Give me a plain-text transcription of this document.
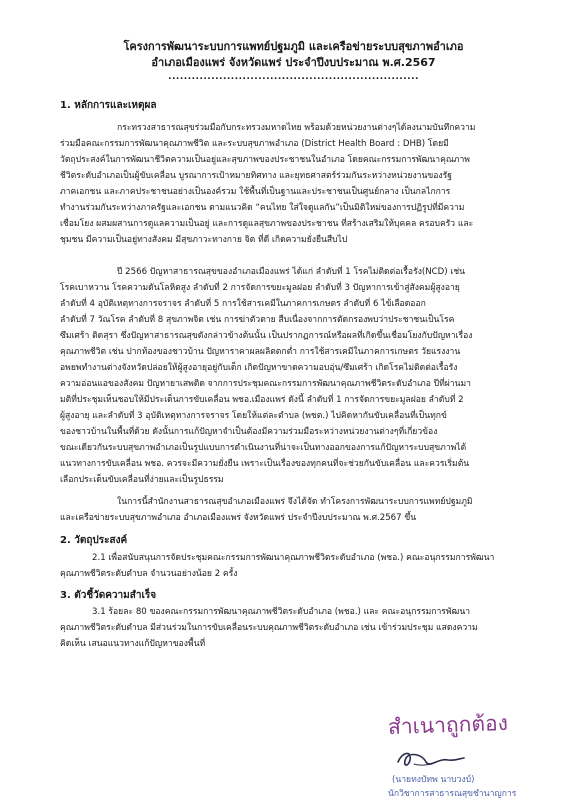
โครงการพัฒนาระบบการแพทย์ปฐมภูมิ และเครือข่ายระบบสุขภาพอำเภอ
อำเภอเมืองแพร่ จังหวัดแพร่ ประจำปีงบประมาณ พ.ศ.2567
................................................................
1. หลักการและเหตุผล
กระทรวงสาธารณสุขร่วมมือกับกระทรวงมหาดไทย พร้อมด้วยหน่วยงานต่างๆได้ลงนามบันทึกความ
ร่วมมือคณะกรรมการพัฒนาคุณภาพชีวิต และระบบสุขภาพอำเภอ (District Health Board : DHB) โดยมี
วัตถุประสงค์ในการพัฒนาชีวิตความเป็นอยู่และสุขภาพของประชาชนในอำเภอ โดยคณะกรรมการพัฒนาคุณภาพ
ชีวิตระดับอำเภอเป็นผู้ขับเคลื่อน บูรณาการเป้าหมายทิศทาง และยุทธศาสตร์ร่วมกันระหว่างหน่วยงานของรัฐ
ภาคเอกชน และภาคประชาชนอย่างเป็นองค์รวม ใช้พื้นที่เป็นฐานและประชาชนเป็นศูนย์กลาง เป็นกลไกการ
ทำงานร่วมกันระหว่างภาครัฐและเอกชน ตามแนวคิด “คนไทย ใส่ใจดูแลกัน”เป็นมิติใหม่ของการปฏิรูปที่มีความ
เชื่อมโยง ผสมผสานการดูแลความเป็นอยู่ และการดูแลสุขภาพของประชาชน ที่สร้างเสริมให้บุคคล ครอบครัว และ
ชุมชน มีความเป็นอยู่ทางสังคม มีสุขภาวะทางกาย จิต ที่ดี เกิดความยั่งยืนสืบไป
ปี 2566 ปัญหาสาธารณสุขของอำเภอเมืองแพร่ ได้แก่ ลำดับที่ 1 โรคไม่ติดต่อเรื้อรัง(NCD) เช่น
โรคเบาหวาน โรคความดันโลหิตสูง ลำดับที่ 2 การจัดการขยะมูลฝอย ลำดับที่ 3 ปัญหาการเข้าสู่สังคมผู้สูงอายุ
ลำดับที่ 4 อุบัติเหตุทางการจราจร ลำดับที่ 5 การใช้สารเคมีในภาคการเกษตร ลำดับที่ 6 ไข้เลือดออก
ลำดับที่ 7 วัณโรค ลำดับที่ 8 สุขภาพจิต เช่น การฆ่าตัวตาย สืบเนื่องจากการตัดกรองพบว่าประชาชนเป็นโรค
ซึมเศร้า ติดสุรา ซึ่งปัญหาสาธารณสุขดังกล่าวข้างต้นนั้น เป็นปรากฏการณ์หรือผลที่เกิดขึ้นเชื่อมโยงกับปัญหาเรื่อง
คุณภาพชีวิต เช่น ปากท้องของชาวบ้าน ปัญหาราคาผลผลิตตกต่ำ การใช้สารเคมีในภาคการเกษตร วัยแรงงาน
อพยพทำงานต่างจังหวัดปล่อยให้ผู้สูงอายุอยู่กับเด็ก เกิดปัญหาขาดความอบอุ่น/ซึมเศร้า เกิดโรคไม่ติดต่อเรื้อรัง
ความอ่อนแอของสังคม ปัญหายาเสพติด จากการประชุมคณะกรรมการพัฒนาคุณภาพชีวิตระดับอำเภอ ปีที่ผ่านมา
มติที่ประชุมเห็นชอบให้มีประเด็นการขับเคลื่อน พชอ.เมืองแพร่ ดังนี้ ลำดับที่ 1 การจัดการขยะมูลฝอย ลำดับที่ 2
ผู้สูงอายุ และลำดับที่ 3 อุบัติเหตุทางการจราจร โดยให้แต่ละตำบล (พชต.) ไปคิดหากันขับเคลื่อนที่เป็นทุกข์
ของชาวบ้านในพื้นที่ด้วย ดังนั้นการแก้ปัญหาจำเป็นต้องมีความร่วมมือระหว่างหน่วยงานต่างๆที่เกี่ยวข้อง
ขณะเดียวกันระบบสุขภาพอำเภอเป็นรูปแบบการดำเนินงานที่น่าจะเป็นทางออกของการแก้ปัญหาระบบสุขภาพได้
แนวทางการขับเคลื่อน พชอ. ควรจะมีความยั่งยืน เพราะเป็นเรื่องของทุกคนที่จะช่วยกันขับเคลื่อน และควรเริ่มต้น
เลือกประเด็นขับเคลื่อนที่ง่ายและเป็นรูปธรรม
ในการนี้สำนักงานสาธารณสุขอำเภอเมืองแพร่ จึงได้จัด ทำโครงการพัฒนาระบบการแพทย์ปฐมภูมิ
และเครือข่ายระบบสุขภาพอำเภอ อำเภอเมืองแพร่ จังหวัดแพร่ ประจำปีงบประมาณ พ.ศ.2567 ขึ้น
2. วัตถุประสงค์
2.1 เพื่อสนับสนุนการจัดประชุมคณะกรรมการพัฒนาคุณภาพชีวิตระดับอำเภอ (พชอ.) คณะอนุกรรมการพัฒนา
คุณภาพชีวิตระดับตำบล จำนวนอย่างน้อย 2 ครั้ง
3. ตัวชี้วัดความสำเร็จ
3.1 ร้อยละ 80 ของคณะกรรมการพัฒนาคุณภาพชีวิตระดับอำเภอ (พชอ.) และ คณะอนุกรรมการพัฒนา
คุณภาพชีวิตระดับตำบล มีส่วนร่วมในการขับเคลื่อนระบบคุณภาพชีวิตระดับอำเภอ เช่น เข้าร่วมประชุม แสดงความ
คิดเห็น เสนอแนวทางแก้ปัญหาของพื้นที่
สำเนาถูกต้อง
(นายทงบัทพ นาบวงบ์)
นักวิชาการสาธารณสุขชำนาญการ
